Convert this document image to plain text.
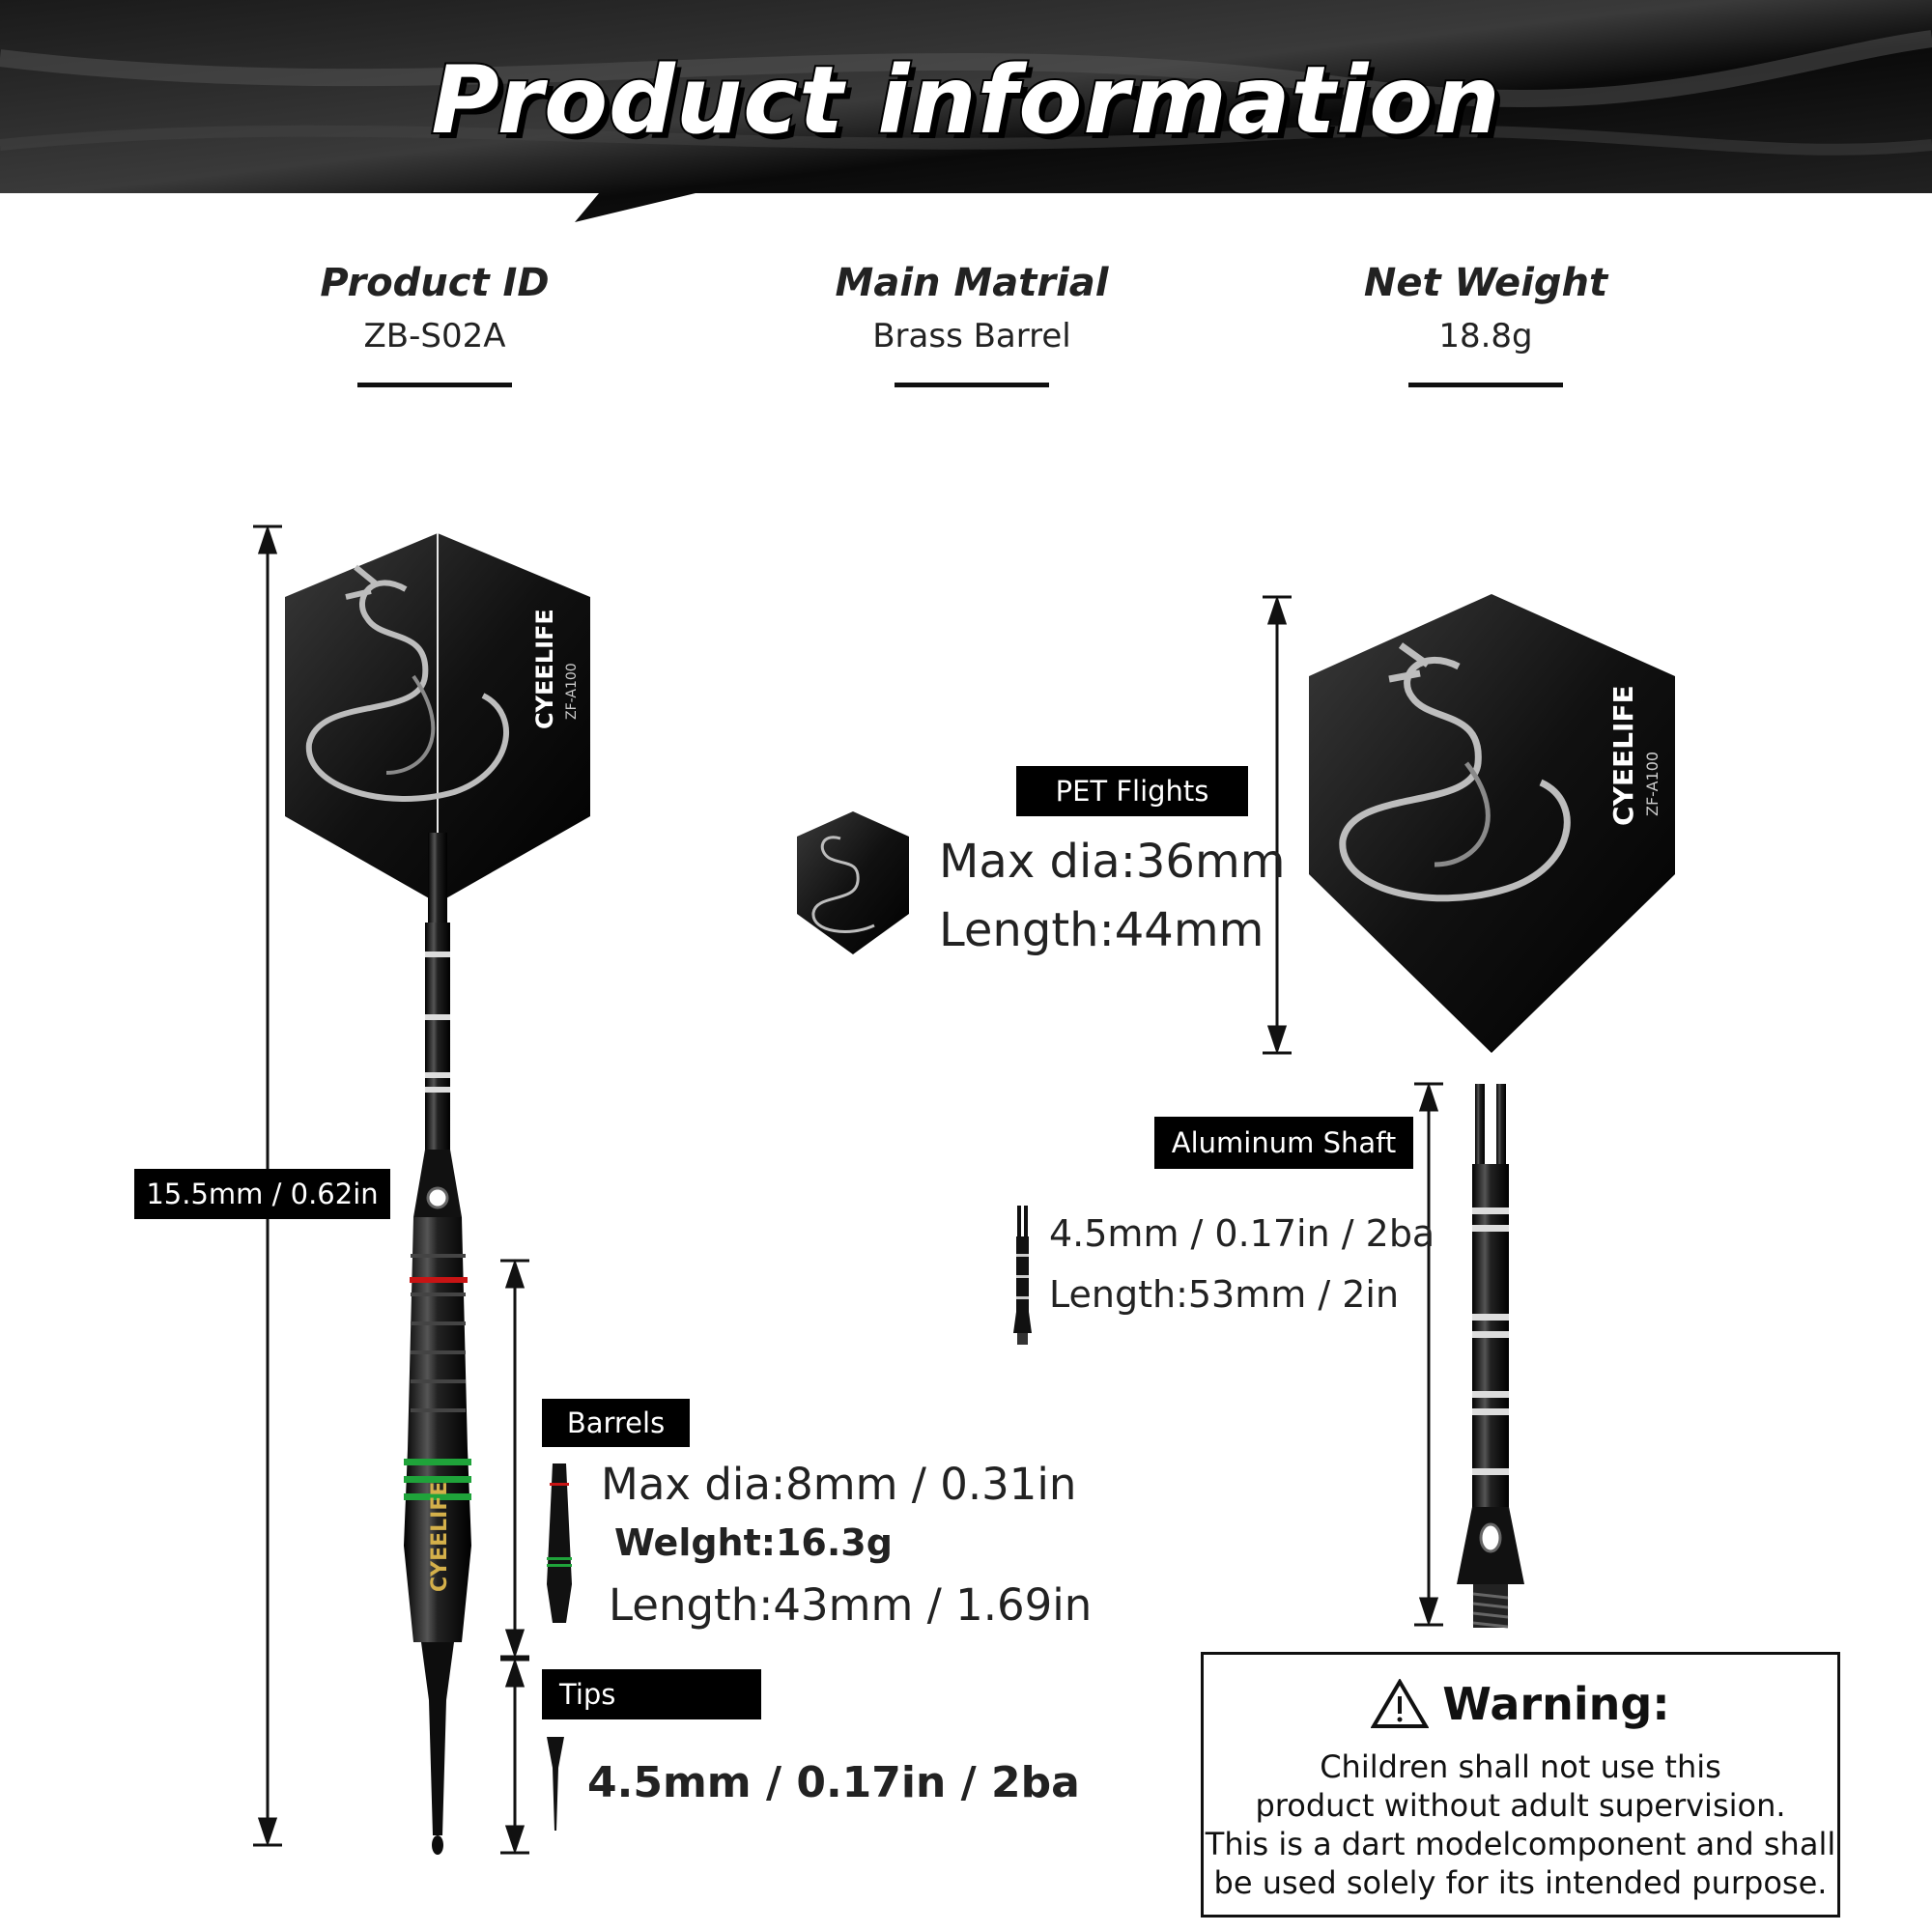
Product information
Product ID
ZB-S02A
Main Matrial
Brass Barrel
Net Weight
18.8g
CYEELIFE ZF-A100
CYEELIFE
CYEELIFE ZF-A100
15.5mm / 0.62in
Barrels
Max dia:8mm / 0.31in
Welght:16.3g
Length:43mm / 1.69in
Tips
4.5mm / 0.17in / 2ba
PET Flights
Max dia:36mm
Length:44mm
Aluminum Shaft
4.5mm / 0.17in / 2ba
Length:53mm / 2in
Warning:
Children shall not use this
product without adult supervision.
This is a dart modelcomponent and shall
be used solely for its intended purpose.
